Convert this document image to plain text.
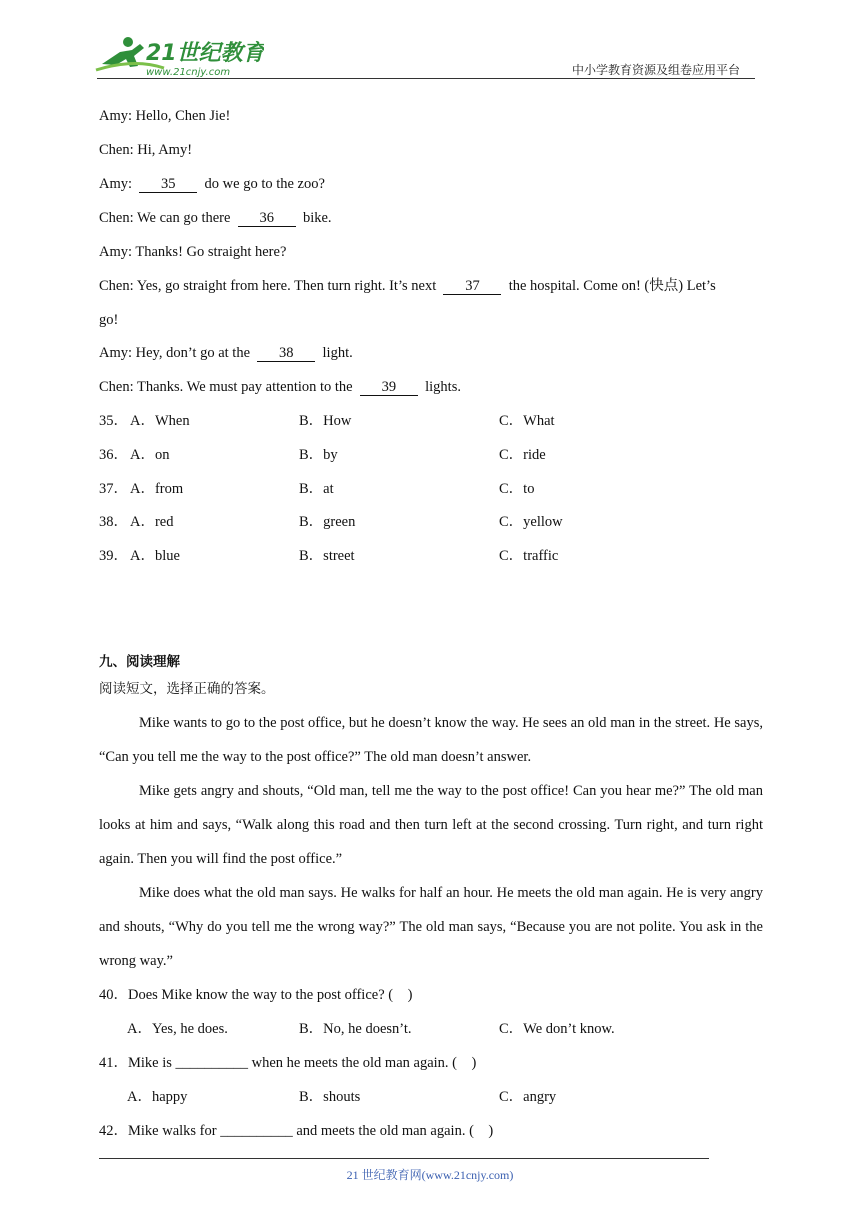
21世纪教育
www.21cnjy.com	中小学教育资源及组卷应用平台
Amy: Hello, Chen Jie!
Chen: Hi, Amy!
Amy:  35  do we go to the zoo?
Chen: We can go there  36  bike.
Amy: Thanks! Go straight here?
Chen: Yes, go straight from here. Then turn right. It’s next  37  the hospital. Come on! (快点) Let’s
go!
Amy: Hey, don’t go at the  38  light.
Chen: Thanks. We must pay attention to the  39  lights.
35． A．When	B．How	C．What
36． A．on	B．by	C．ride
37． A．from	B．at	C．to
38． A．red	B．green	C．yellow
39． A．blue	B．street	C．traffic
九、阅读理解
阅读短文，选择正确的答案。
Mike wants to go to the post office, but he doesn’t know the way. He sees an old man in the street. He says, “Can you tell me the way to the post office?” The old man doesn’t answer.
Mike gets angry and shouts, “Old man, tell me the way to the post office! Can you hear me?” The old man looks at him and says, “Walk along this road and then turn left at the second crossing. Turn right, and turn right again. Then you will find the post office.”
Mike does what the old man says. He walks for half an hour. He meets the old man again. He is very angry and shouts, “Why do you tell me the wrong way?” The old man says, “Because you are not polite. You ask in the wrong way.”
40．Does Mike know the way to the post office? (    )
A．Yes, he does.	B．No, he doesn’t.	C．We don’t know.
41．Mike is __________ when he meets the old man again. (    )
A．happy	B．shouts	C．angry
42．Mike walks for __________ and meets the old man again. (    )
21 世纪教育网(www.21cnjy.com)
